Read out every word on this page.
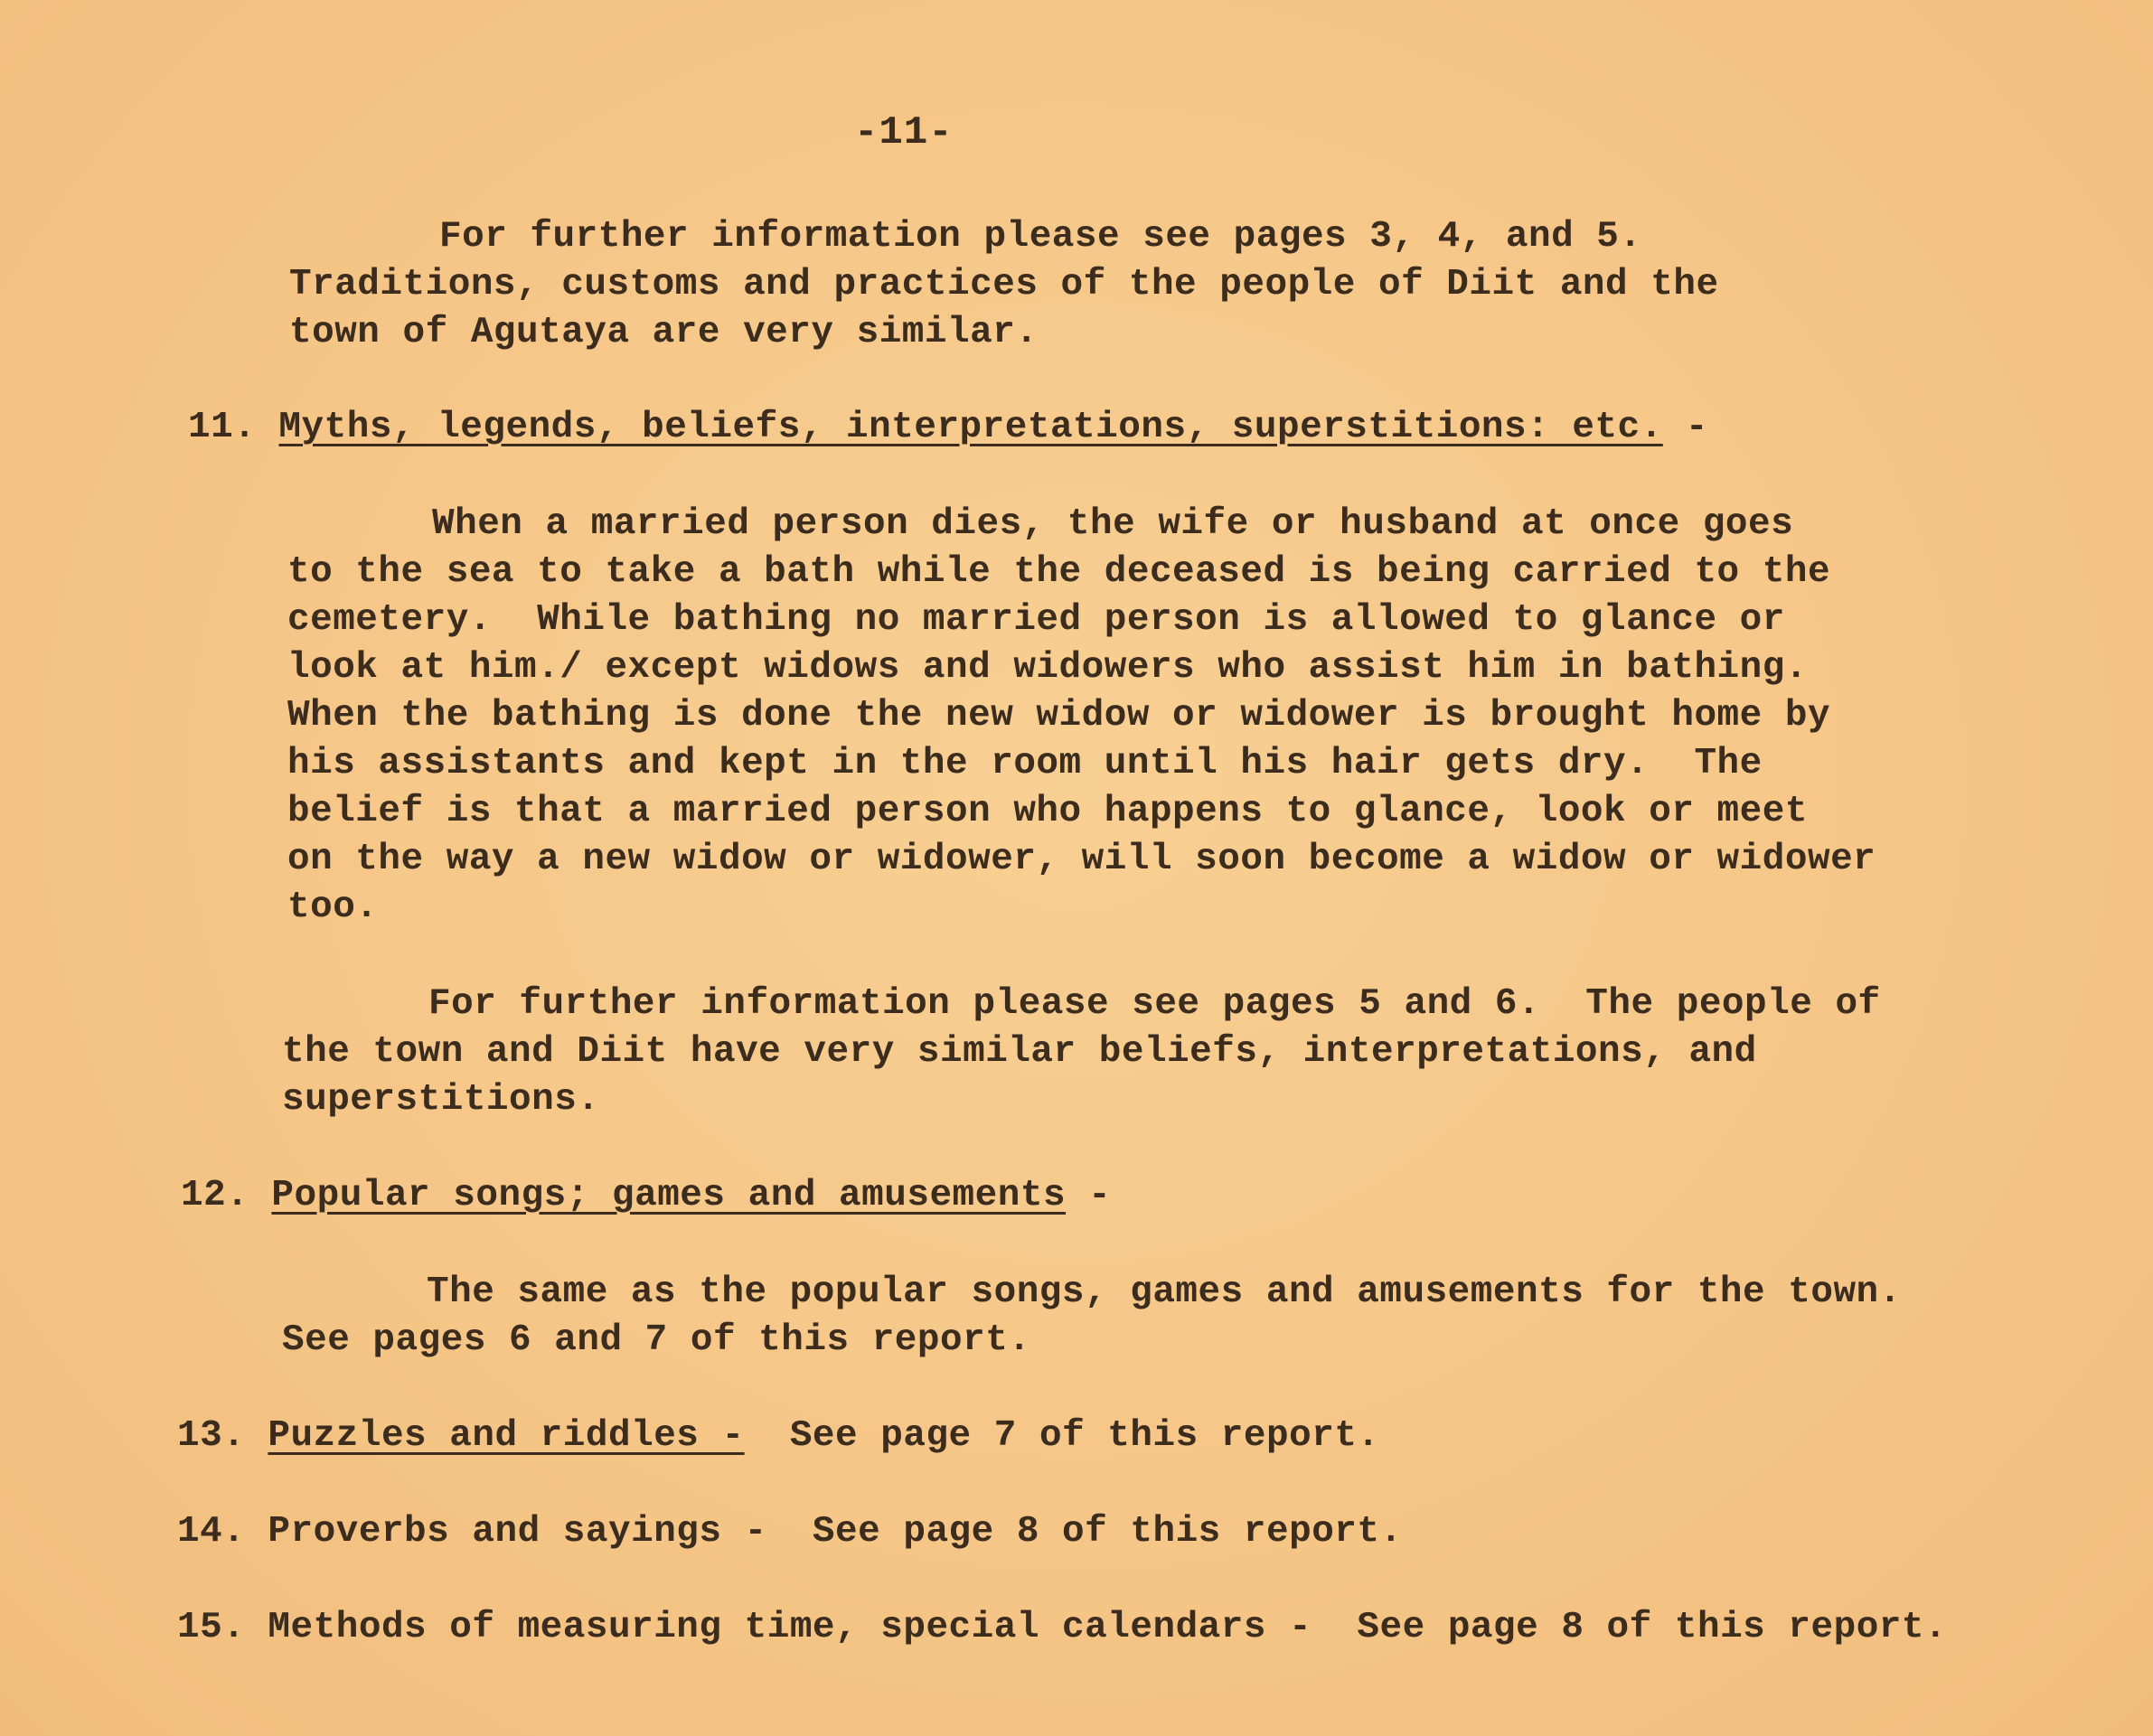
-11-

For further information please see pages 3, 4, and 5.

Traditions, customs and practices of the people of Diit and the

town of Agutaya are very similar.

11. Myths, legends, beliefs, interpretations, superstitions: etc. -

When a married person dies, the wife or husband at once goes

to the sea to take a bath while the deceased is being carried to the

cemetery.  While bathing no married person is allowed to glance or

look at him./ except widows and widowers who assist him in bathing.

When the bathing is done the new widow or widower is brought home by

his assistants and kept in the room until his hair gets dry.  The

belief is that a married person who happens to glance, look or meet

on the way a new widow or widower, will soon become a widow or widower

too.

For further information please see pages 5 and 6.  The people of

the town and Diit have very similar beliefs, interpretations, and

superstitions.

12. Popular songs; games and amusements -

The same as the popular songs, games and amusements for the town.

See pages 6 and 7 of this report.

13. Puzzles and riddles -  See page 7 of this report.

14. Proverbs and sayings -  See page 8 of this report.

15. Methods of measuring time, special calendars -  See page 8 of this report.
